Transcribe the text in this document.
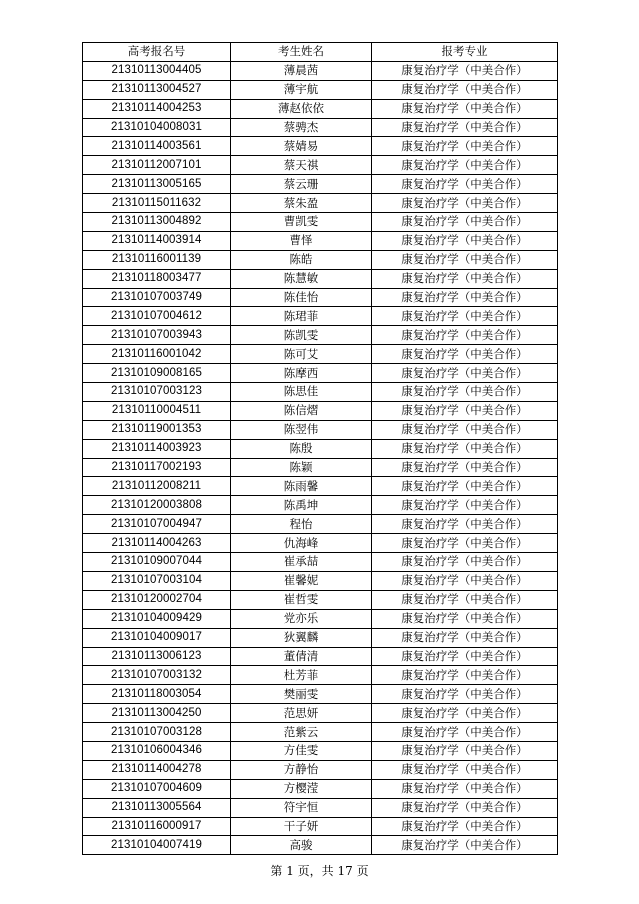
高考报名号	考生姓名	报考专业
21310113004405	薄晨茜	康复治疗学（中美合作）
21310113004527	薄宇航	康复治疗学（中美合作）
21310114004253	薄赵依依	康复治疗学（中美合作）
21310104008031	蔡骋杰	康复治疗学（中美合作）
21310114003561	蔡婧易	康复治疗学（中美合作）
21310112007101	蔡天祺	康复治疗学（中美合作）
21310113005165	蔡云珊	康复治疗学（中美合作）
21310115011632	蔡朱盈	康复治疗学（中美合作）
21310113004892	曹凯雯	康复治疗学（中美合作）
21310114003914	曹怿	康复治疗学（中美合作）
21310116001139	陈皓	康复治疗学（中美合作）
21310118003477	陈慧敏	康复治疗学（中美合作）
21310107003749	陈佳怡	康复治疗学（中美合作）
21310107004612	陈珺菲	康复治疗学（中美合作）
21310107003943	陈凯雯	康复治疗学（中美合作）
21310116001042	陈可艾	康复治疗学（中美合作）
21310109008165	陈摩西	康复治疗学（中美合作）
21310107003123	陈思佳	康复治疗学（中美合作）
21310110004511	陈信熠	康复治疗学（中美合作）
21310119001353	陈翌伟	康复治疗学（中美合作）
21310114003923	陈殷	康复治疗学（中美合作）
21310117002193	陈颖	康复治疗学（中美合作）
21310112008211	陈雨馨	康复治疗学（中美合作）
21310120003808	陈禹坤	康复治疗学（中美合作）
21310107004947	程怡	康复治疗学（中美合作）
21310114004263	仇海峰	康复治疗学（中美合作）
21310109007044	崔承喆	康复治疗学（中美合作）
21310107003104	崔馨妮	康复治疗学（中美合作）
21310120002704	崔哲雯	康复治疗学（中美合作）
21310104009429	党亦乐	康复治疗学（中美合作）
21310104009017	狄翼麟	康复治疗学（中美合作）
21310113006123	董倩清	康复治疗学（中美合作）
21310107003132	杜芳菲	康复治疗学（中美合作）
21310118003054	樊丽雯	康复治疗学（中美合作）
21310113004250	范思妍	康复治疗学（中美合作）
21310107003128	范紫云	康复治疗学（中美合作）
21310106004346	方佳雯	康复治疗学（中美合作）
21310114004278	方静怡	康复治疗学（中美合作）
21310107004609	方樱滢	康复治疗学（中美合作）
21310113005564	符宇恒	康复治疗学（中美合作）
21310116000917	干子妍	康复治疗学（中美合作）
21310104007419	高骏	康复治疗学（中美合作）
第 1 页，共 17 页
